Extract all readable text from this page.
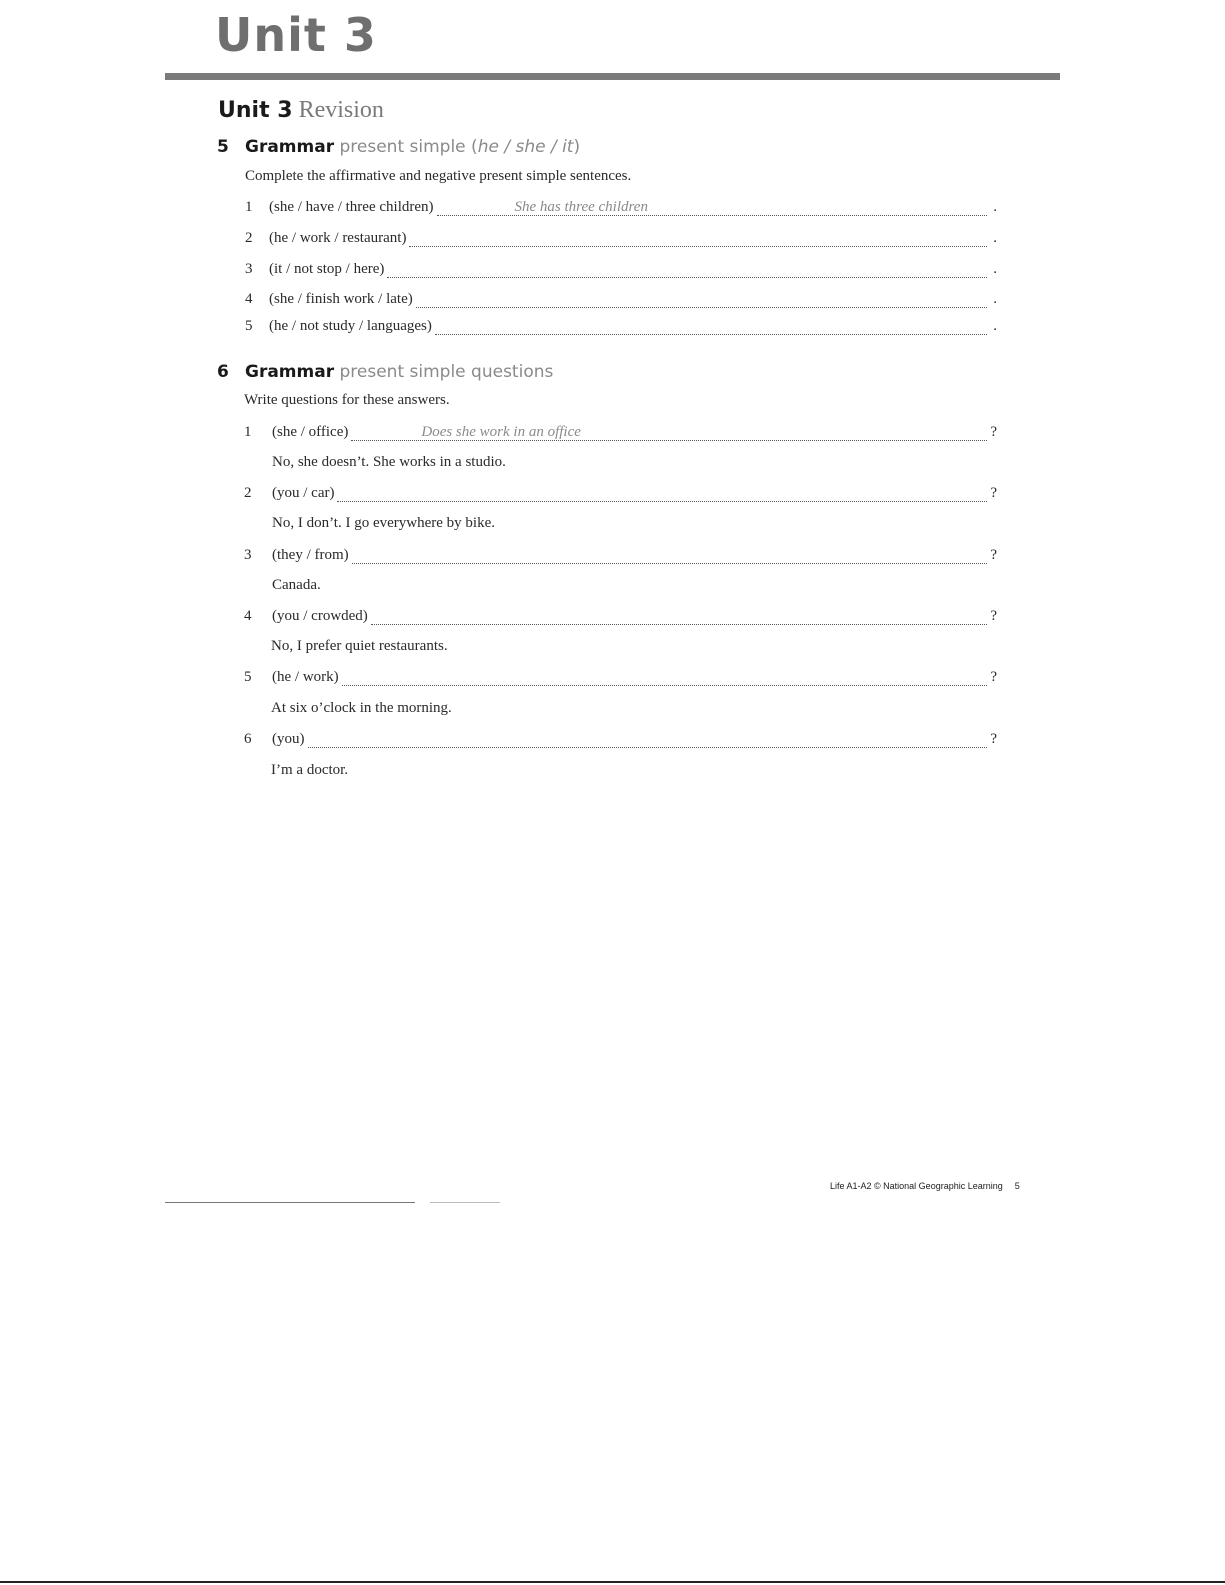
Unit 3
Unit 3 Revision
5 Grammar present simple (he / she / it)
Complete the affirmative and negative present simple sentences.
1	(she / have / three children)	She has three children	.
2	(he / work / restaurant)	.
3	(it / not stop / here)	.
4	(she / finish work / late)	.
5	(he / not study / languages)	.
6 Grammar present simple questions
Write questions for these answers.
1	(she / office)	Does she work in an office	?
No, she doesn’t. She works in a studio.
2	(you / car)	?
No, I don’t. I go everywhere by bike.
3	(they / from)	?
Canada.
4	(you / crowded)	?
No, I prefer quiet restaurants.
5	(he / work)	?
At six o’clock in the morning.
6	(you)	?
I’m a doctor.
Life A1-A2 © National Geographic Learning 5
